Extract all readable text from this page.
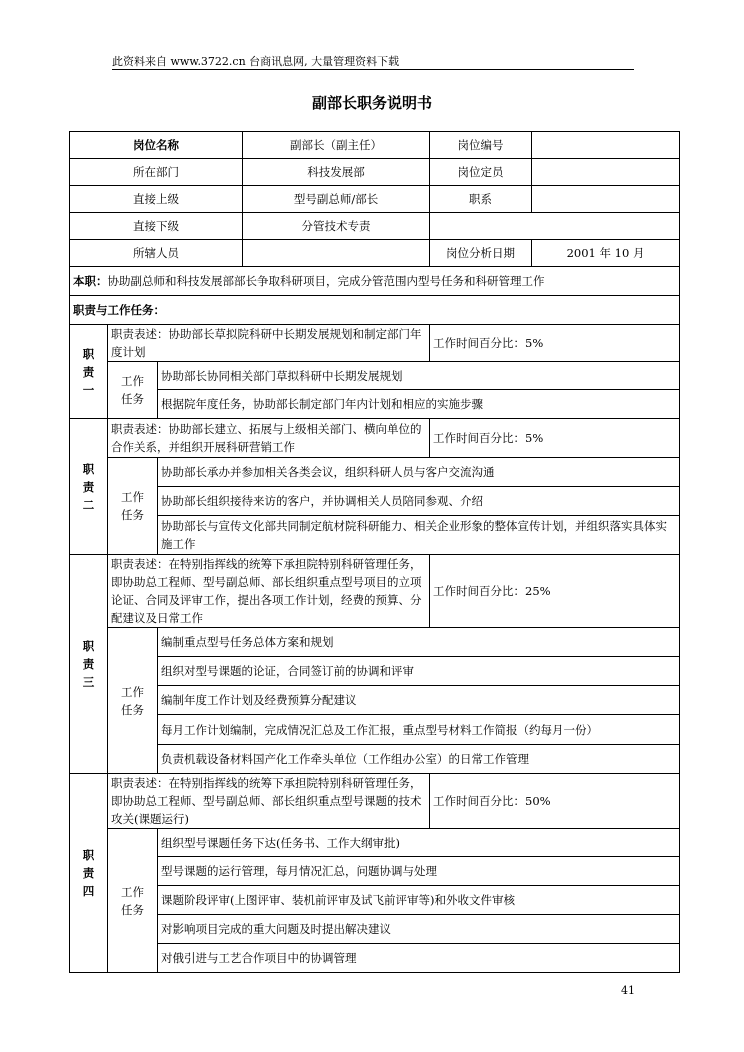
此资料来自 www.3722.cn 台商讯息网, 大量管理资料下载
副部长职务说明书
岗位名称			副部长（副主任）	岗位编号	
所在部门			科技发展部	岗位定员	
直接上级			型号副总师/部长	职系	
直接下级			分管技术专责		
所辖人员				岗位分析日期	2001 年 10 月
本职：协助副总师和科技发展部部长争取科研项目，完成分管范围内型号任务和科研管理工作					
职责与工作任务：					
职责一	职责表述：协助部长草拟院科研中长期发展规划和制定部门年度计划			工作时间百分比：5%	
	工作任务	协助部长协同相关部门草拟科研中长期发展规划			
		根据院年度任务，协助部长制定部门年内计划和相应的实施步骤			
职责二	职责表述：协助部长建立、拓展与上级相关部门、横向单位的合作关系，并组织开展科研营销工作			工作时间百分比：5%	
	工作任务	协助部长承办并参加相关各类会议，组织科研人员与客户交流沟通			
		协助部长组织接待来访的客户，并协调相关人员陪同参观、介绍			
		协助部长与宣传文化部共同制定航材院科研能力、相关企业形象的整体宣传计划，并组织落实具体实施工作			
职责三	职责表述：在特别指挥线的统筹下承担院特别科研管理任务，即协助总工程师、型号副总师、部长组织重点型号项目的立项论证、合同及评审工作，提出各项工作计划，经费的预算、分配建议及日常工作			工作时间百分比：25%	
	工作任务	编制重点型号任务总体方案和规划			
		组织对型号课题的论证，合同签订前的协调和评审			
		编制年度工作计划及经费预算分配建议			
		每月工作计划编制，完成情况汇总及工作汇报，重点型号材料工作简报（约每月一份）			
		负责机载设备材料国产化工作牵头单位（工作组办公室）的日常工作管理			
职责四	职责表述：在特别指挥线的统筹下承担院特别科研管理任务，即协助总工程师、型号副总师、部长组织重点型号课题的技术攻关(课题运行)			工作时间百分比：50%	
	工作任务	组织型号课题任务下达(任务书、工作大纲审批)			
		型号课题的运行管理，每月情况汇总，问题协调与处理			
		课题阶段评审(上图评审、装机前评审及试飞前评审等)和外收文件审核			
		对影响项目完成的重大问题及时提出解决建议			
		对俄引进与工艺合作项目中的协调管理			
41
